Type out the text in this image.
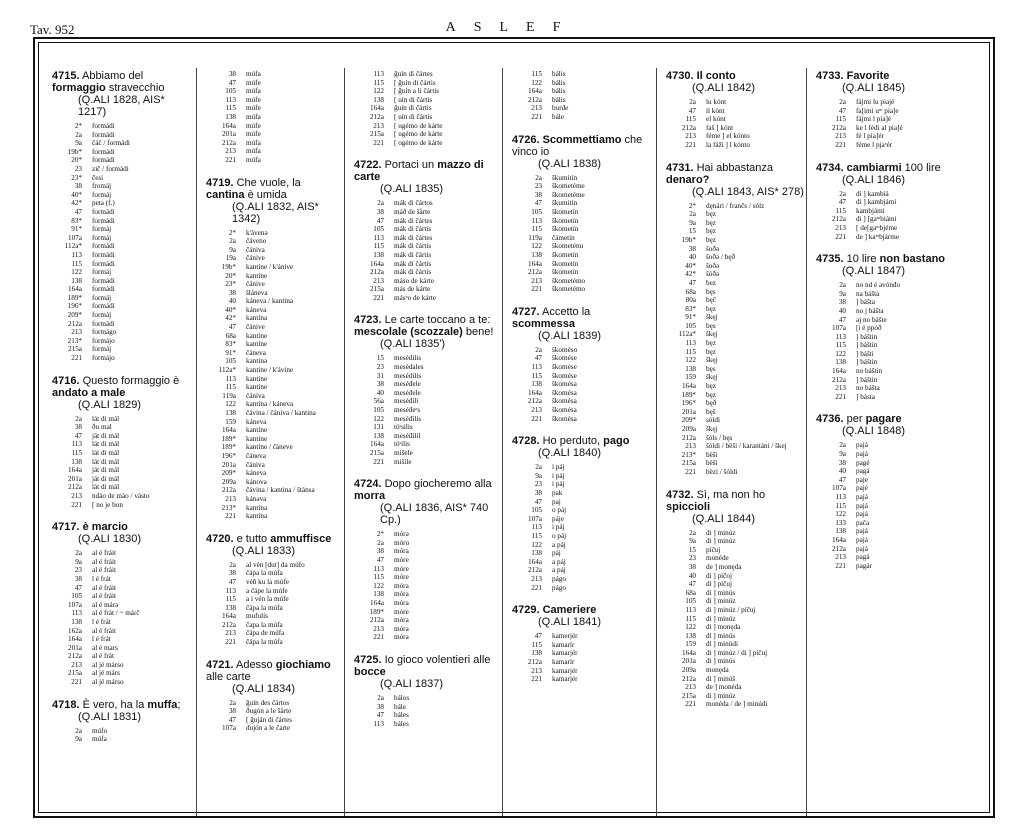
Tav. 952	ASLEF
4715. Abbiamo del formaggio stravecchio
(Q.ALI 1828, AIS* 1217)
2*	formádi
2a	formádi
9a	čáč / formádi
19b*	formádi
20*	formádi
23	zič / formádi
23*	česi
38	fromáj
40*	formáj
42*	peta (f.)
47	formádi
83*	formádi
91*	formáj
107a	formáj
112a*	formádi
113	formádi
115	formádi
122	formáj
138	formádi
164a	formádi
189*	formáj
196*	formádi
209*	formáj
212a	formádi
213	formágo
213*	formájo
215a	formáj
221	formájo
4716. Questo formaggio è andato a male
(Q.ALI 1829)
2a	lát di mál
38	ðu mal
47	ját di mál
113	lát di mál
115	lát di mál
138	lát di mál
164a	ját di mál
201a	ját di mál
212a	lát di mál
213	ndáo de máo / vásto
221	[ no je bon
4717. è marcio
(Q.ALI 1830)
2a	al é fráit
9a	al é fráit
23	al é fráit
38	l é frát
47	al é fráit
105	al é fráit
107a	al é márə
113	al é frát / ~ máɾč
138	l é frát
162a	al é fráit
164a	l é frát
201a	al é mars
212a	al é frát
213	al jé márso
215a	al jé márs
221	al jé márso
4718. È vero, ha la muffa;
(Q.ALI 1831)
2a	múfo
9a	múfa
38	múfa
47	múfe
105	múfa
113	múfe
115	múfe
138	múfa
164a	múfe
201a	múfe
212a	múfa
213	múfa
221	múfa
4719. Che vuole, la cantina è umida
(Q.ALI 1832, AIS* 1342)
2*	k'ávenə
2a	čáveno
9a	čániva
19a	čánive
19b*	kantíne / k'ánive
20*	kantíne
23*	čánive
38	šláneva
40	káneva / kantina
40*	káneva
42*	kantína
47	čánive
68a	kantine
83*	kantíne
91*	čáneva
105	kantinə
112a*	kantine / k'ávine
113	kantine
115	kantine
119a	čániva
122	kantína / káneva
138	čávina / čániva / kantina
159	káneva
164a	kantíne
189*	kantíne
189*	kantíne / čáneve
196*	čáneva
201a	čániva
209*	káneva
209a	kánova
212a	čávina / kantina / štánsa
213	kánəva
213*	kantína
221	kantína
4720. e tutto ammuffisce
(Q.ALI 1833)
2a	al vén [dut] da múfo
38	čápa la múfa
47	véñ ku la múfe
113	a čápe la múfe
115	a i vén la múfe
138	čápa la múfa
164a	mufulís
212a	čapa la múfa
213	čápa de múfa
221	čápa la múfa
4721. Adesso giochiamo alle carte
(Q.ALI 1834)
2a	ğuín des čártos
38	ðugón a le šårte
47	[ ğuján di čártes
107a	dujón a le čarte
113	ğuín di čártes
115	[ ğuín di čártis
122	[ ğuín a li čártis
138	[ uín di čártis
164a	ğuín di čártis
212a	[ uín di čártis
213	[ ugémo de kárte
215a	[ ugémo de kárte
221	[ ogémo de kárte
4722. Portaci un mazzo di carte
(Q.ALI 1835)
2a	mák di čártos
38	máð de šårte
47	mák di čártes
105	mák di čártis
113	mák di čártes
115	mák di čártis
138	mák di čártis
164a	mák di čártis
212a	mák di čártis
213	máso de kárte
215a	más de kárte
221	másᵒo de kárte
4723. Le carte toccano a te: mescolale (scozzale) bene!
(Q.ALI 1835')
15	mesédilis
23	mesédales
31	mesédilis
38	meséđele
40	meséđele
56a	meséđili
105	meséđeᵉs
122	meséđilis
131	tóˢsilis
138	meséđilil
164a	tóˢilis
215a	mišele
221	mišile
4724. Dopo giocheremo alla morra
(Q.ALI 1836, AIS* 740 Cp.)
2*	mórə
2a	móro
38	móra
47	móre
113	móre
115	móre
122	móra
138	móra
164a	móra
189*	móre
212a	móra
213	móra
221	móra
4725. Io gioco volentieri alle bocce
(Q.ALI 1837)
2a	bálos
38	bále
47	báles
113	báles
115	bális
122	bális
164a	bális
212a	bális
213	burđe
221	bále
4726. Scommettiamo che vinco io
(Q.ALI 1838)
2a	škumitín
23	škometéme
38	škometéme
47	škumitín
105	škometín
113	škometín
115	škometín
119a	čámetin
122	škometénu
138	škometín
164a	škometín
212a	škometín
213	škometémo
221	škometémo
4727. Accetto la scommessa
(Q.ALI 1839)
2a	škoméso
47	škomése
113	škomése
115	škomése
138	škomésa
164a	škomésa
212a	škomésa
213	škomésa
221	škomésa
4728. Ho perduto, pago
(Q.ALI 1840)
2a	i páj
9a	i páj
23	i páj
38	pak
47	paj
105	o páj
107a	páje
113	i páj
115	o páj
122	a páj
138	páj
164a	a páj
212a	a páj
213	págo
221	págo
4729. Cameriere
(Q.ALI 1841)
47	kamerjér
115	kamarír
138	kamarjér
212a	kamarír
213	kamarjér
221	kamarjér
4730. Il conto
(Q.ALI 1842)
2a	lu kónt
47	il kónt
115	el kónt
212a	faš ] kónt
213	féme ] el kónto
221	la fáži ] l kónto
4731. Hai abbastanza denaro?
(Q.ALI 1843, AIS* 278)
2*	dęnári / frančs / sólz
2a	bęz
9a	bęz
15	bęz
19b*	bęz
38	šoðə
40	šoðə / bęð
40*	šoðə
42*	šóðə
47	bez
68a	bęs
80a	bęč
83*	bęz
91*	škęj
105	bęs
112a*	škęj
113	bęz
115	bęz
122	škęj
138	bęs
159	škęj
164a	bęz
189*	bęz
196*	bęð
201a	bęš
209*	sóldi
209a	škęj
212a	šóls / bęs
213	šóldi / bëši / karantáni / škej
213*	bëši
215a	bëši
221	bëzi / šóldi
4732. Sì, ma non ho spiccioli
(Q.ALI 1844)
2a	di ] minúz
9a	di ] minúz
15	píčuj
23	monéde
38	de ] monęda
40	di ] píčoj
47	di ] píčuj
68a	di ] minús
105	di ] minúz
113	di ] minúz / píčuj
115	di ] minúz
122	di ] monęda
138	di ] minús
159	di ] minúdi
164a	di ] minúz / di ] píčuj
201a	di ] minús
209a	monęda
212a	di ] minúš
213	de ] monéda
215a	di ] minúz
221	monéda / de ] minúdi
4733. Favorite
(Q.ALI 1845)
2a	fájmi lu piajé
47	fa[imi uᵐ pia]e
115	fájmi l pia]é
212a	ke l fédi al pia]é
213	fé l pia]ér
221	féme l pjaᵉér
4734. cambiarmi 100 lire
(Q.ALI 1846)
2a	di ] kambiá
47	di ] kambjámi
115	kambjámi
212a	di ] [gaᵐbiámi
213	[ de[gaᵐbjéme
221	de ] kaᵐbjárme
4735. 10 lire non bastano
(Q.ALI 1847)
2a	no nd é avónđo
9a	na bášta
38	] bášta
40	no j bášta
47	aj no bášte
107a	[i é ppóð
113	] báštin
115	] báštin
122	] bášti
138	] báštin
164a	no báštin
212a	] báštin
213	no bášta
221	] básta
4736. per pagare
(Q.ALI 1848)
2a	pajá
9a	pajá
38	pagé
40	pagá
47	paje
107a	pajé
113	pajá
115	pajá
122	pajá
133	pača
138	pajá
164a	pajá
212a	pajá
213	pagá
221	pagár
